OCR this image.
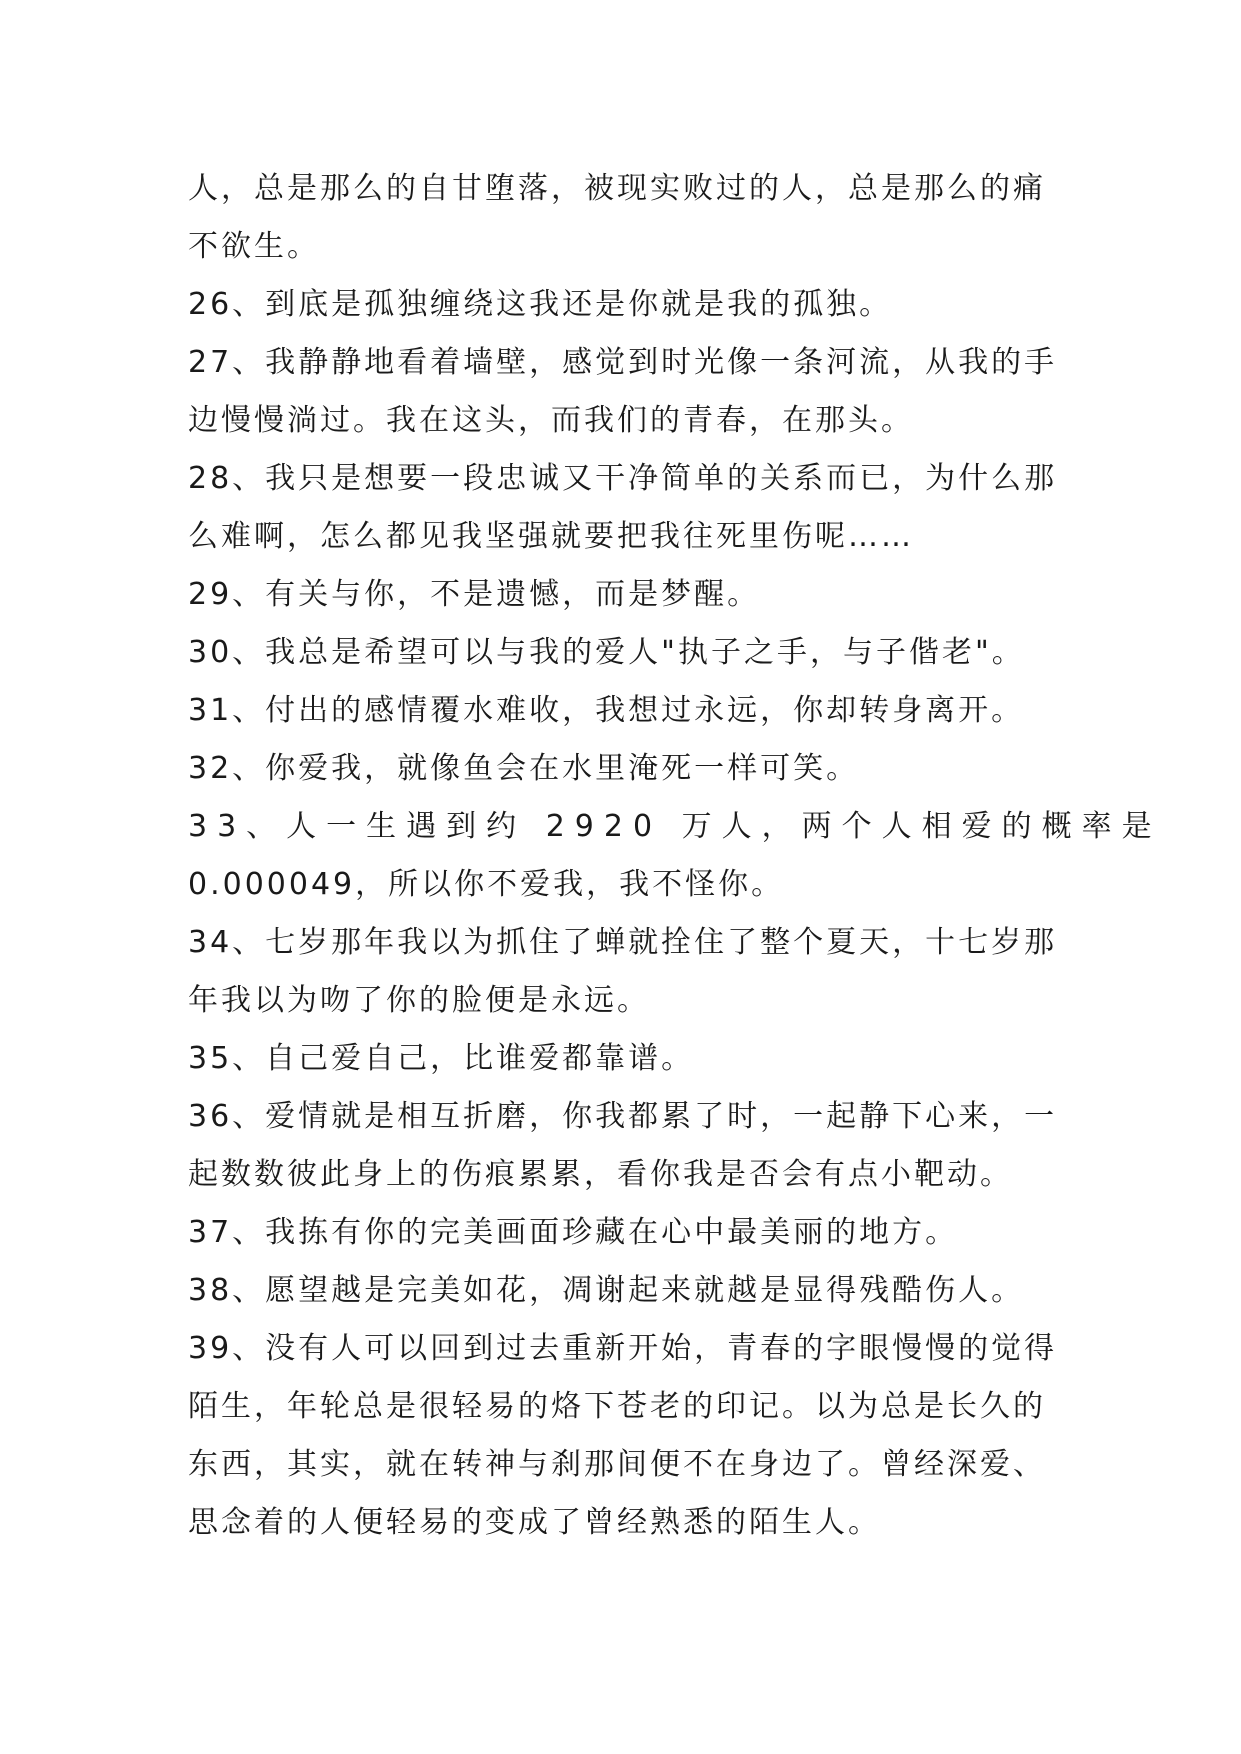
人，总是那么的自甘堕落，被现实败过的人，总是那么的痛
不欲生。
26、到底是孤独缠绕这我还是你就是我的孤独。
27、我静静地看着墙壁，感觉到时光像一条河流，从我的手
边慢慢淌过。我在这头，而我们的青春，在那头。
28、我只是想要一段忠诚又干净简单的关系而已，为什么那
么难啊，怎么都见我坚强就要把我往死里伤呢……
29、有关与你，不是遗憾，而是梦醒。
30、我总是希望可以与我的爱人"执子之手，与子偕老"。
31、付出的感情覆水难收，我想过永远，你却转身离开。
32、你爱我，就像鱼会在水里淹死一样可笑。
33、人一生遇到约 2920 万人，两个人相爱的概率是
0.000049，所以你不爱我，我不怪你。
34、七岁那年我以为抓住了蝉就拴住了整个夏天，十七岁那
年我以为吻了你的脸便是永远。
35、自己爱自己，比谁爱都靠谱。
36、爱情就是相互折磨，你我都累了时，一起静下心来，一
起数数彼此身上的伤痕累累，看你我是否会有点小靶动。
37、我拣有你的完美画面珍藏在心中最美丽的地方。
38、愿望越是完美如花，凋谢起来就越是显得残酷伤人。
39、没有人可以回到过去重新开始，青春的字眼慢慢的觉得
陌生，年轮总是很轻易的烙下苍老的印记。以为总是长久的
东西，其实，就在转神与刹那间便不在身边了。曾经深爱、
思念着的人便轻易的变成了曾经熟悉的陌生人。
